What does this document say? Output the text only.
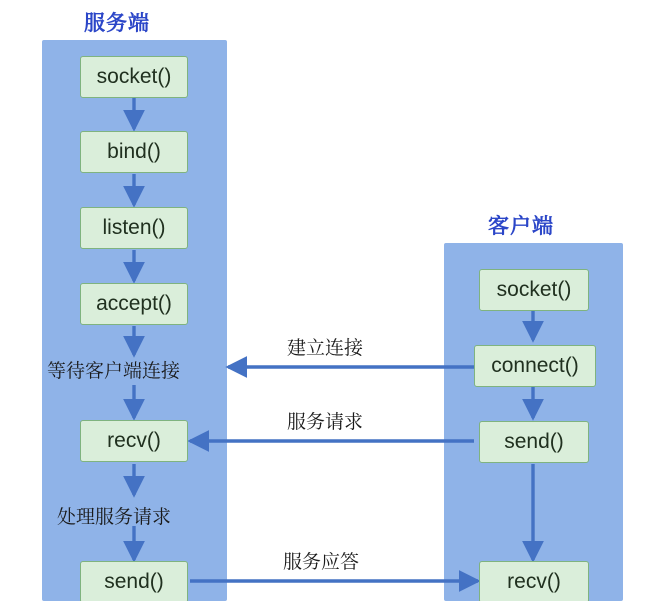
服务端
客户端
socket()
bind()
listen()
accept()
recv()
send()
等待客户端连接
处理服务请求
socket()
connect()
send()
recv()
建立连接
服务请求
服务应答
